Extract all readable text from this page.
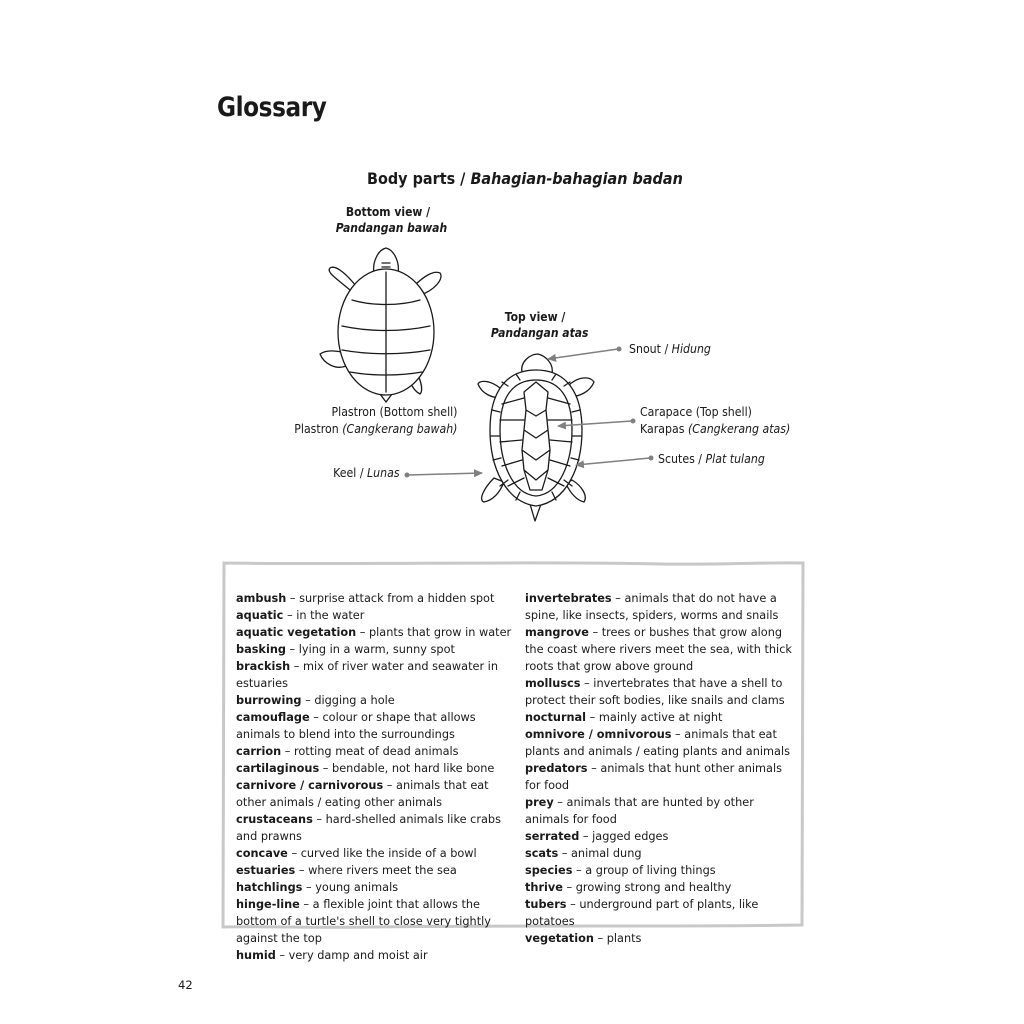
Glossary
Body parts / Bahagian-bahagian badan
Bottom view /
Pandangan bawah
Top view /
Pandangan atas
Snout / Hidung
Carapace (Top shell)
Karapas (Cangkerang atas)
Scutes / Plat tulang
Plastron (Bottom shell)
Plastron (Cangkerang bawah)
Keel / Lunas

ambush – surprise attack from a hidden spot

aquatic – in the water

aquatic vegetation – plants that grow in water

basking – lying in a warm, sunny spot

brackish – mix of river water and seawater in estuaries

burrowing – digging a hole

camouflage – colour or shape that allows animals to blend into the surroundings

carrion – rotting meat of dead animals

cartilaginous – bendable, not hard like bone

carnivore / carnivorous – animals that eat other animals / eating other animals

crustaceans – hard-shelled animals like crabs and prawns

concave – curved like the inside of a bowl

estuaries – where rivers meet the sea

hatchlings – young animals

hinge-line – a flexible joint that allows the bottom of a turtle's shell to close very tightly against the top

humid – very damp and moist air

invertebrates – animals that do not have a spine, like insects, spiders, worms and snails

mangrove – trees or bushes that grow along the coast where rivers meet the sea, with thick roots that grow above ground

molluscs – invertebrates that have a shell to protect their soft bodies, like snails and clams

nocturnal – mainly active at night

omnivore / omnivorous – animals that eat plants and animals / eating plants and animals

predators – animals that hunt other animals for food

prey – animals that are hunted by other animals for food

serrated – jagged edges

scats – animal dung

species – a group of living things

thrive – growing strong and healthy

tubers – underground part of plants, like potatoes

vegetation – plants

42
